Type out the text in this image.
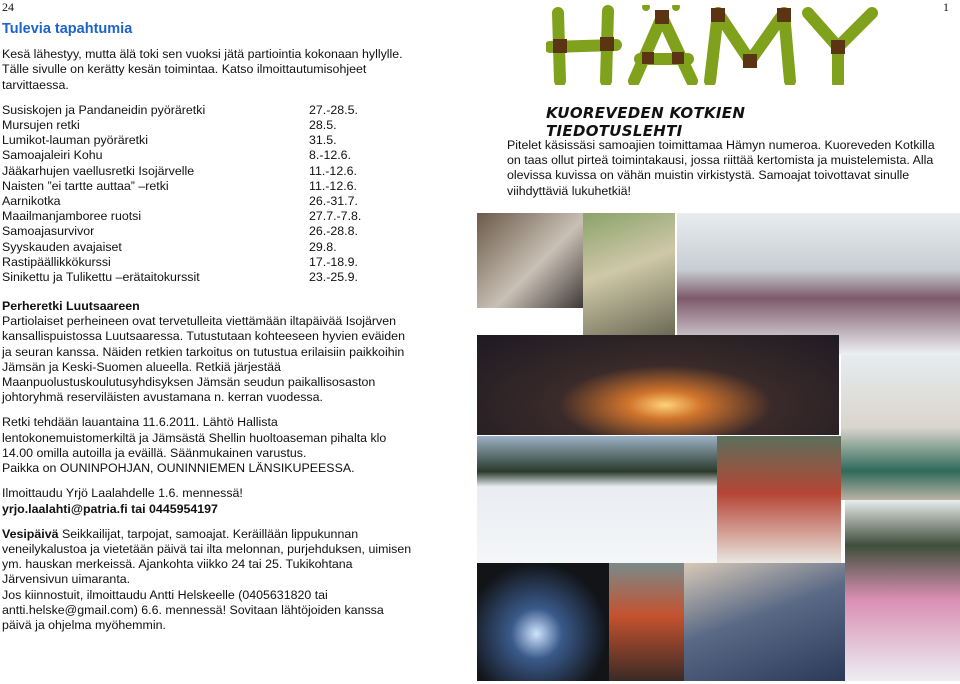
24	1
Tulevia tapahtumia
Kesä lähestyy, mutta älä toki sen vuoksi jätä partiointia kokonaan hyllylle. Tälle sivulle on kerätty kesän toimintaa. Katso ilmoittautumisohjeet tarvittaessa.
Susiskojen ja Pandaneidin pyöräretki	27.-28.5.
Mursujen retki	28.5.
Lumikot-lauman pyöräretki	31.5.
Samoajaleiri Kohu	8.-12.6.
Jääkarhujen vaellusretki Isojärvelle	11.-12.6.
Naisten ”ei tartte auttaa” –retki	11.-12.6.
Aarnikotka	26.-31.7.
Maailmanjamboree ruotsi	27.7.-7.8.
Samoajasurvivor	26.-28.8.
Syyskauden avajaiset	29.8.
Rastipäällikkökurssi	17.-18.9.
Sinikettu ja Tulikettu –erätaitokurssit	23.-25.9.
Perheretki Luutsaareen
Partiolaiset perheineen ovat tervetulleita viettämään iltapäivää Isojärven kansallispuistossa Luutsaaressa. Tutustutaan kohteeseen hyvien eväiden ja seuran kanssa. Näiden retkien tarkoitus on tutustua erilaisiin paikkoihin Jämsän ja Keski-Suomen alueella. Retkiä järjestää Maanpuolustuskoulutusyhdisyksen Jämsän seudun paikallisosaston johtoryhmä reserviläisten avustamana n. kerran vuodessa.
Retki tehdään lauantaina 11.6.2011. Lähtö Hallista lentokonemuistomerkiltä ja Jämsästä Shellin huoltoaseman pihalta klo 14.00 omilla autoilla ja eväillä. Säänmukainen varustus.
Paikka on OUNINPOHJAN, OUNINNIEMEN LÄNSIKUPEESSA.
Ilmoittaudu Yrjö Laalahdelle 1.6. mennessä!
yrjo.laalahti@patria.fi tai 0445954197
Vesipäivä Seikkailijat, tarpojat, samoajat. Keräillään lippukunnan veneilykalustoa ja vietetään päivä tai ilta melonnan, purjehduksen, uimisen ym. hauskan merkeissä. Ajankohta viikko 24 tai 25. Tukikohtana Järvensivun uimaranta.
Jos kiinnostuit, ilmoittaudu Antti Helskeelle (0405631820 tai antti.helske@gmail.com) 6.6. mennessä! Sovitaan lähtöjoiden kanssa päivä ja ohjelma myöhemmin.
KUOREVEDEN KOTKIEN TIEDOTUSLEHTI
Pitelet käsissäsi samoajien toimittamaa Hämyn numeroa. Kuoreveden Kotkilla on taas ollut pirteä toimintakausi, jossa riittää kertomista ja muistelemista. Alla olevissa kuvissa on vähän muistin virkistystä. Samoajat toivottavat sinulle viihdyttäviä lukuhetkiä!
